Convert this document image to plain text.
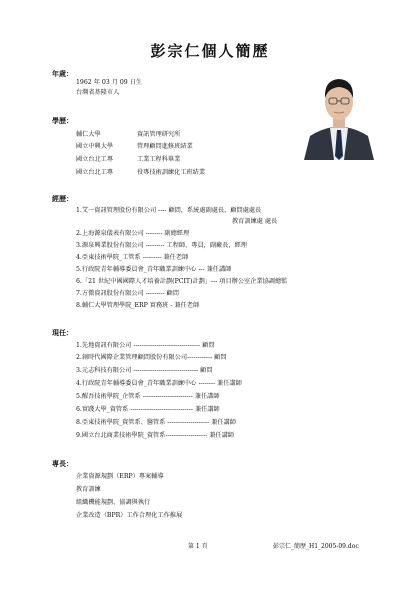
彭宗仁個人簡歷
年歲：
1962 年 03 月 09 日生
台灣省基隆市人
學歷：
輔仁大學	資訊管理研究所
國立中興大學	管理顧問進修班結業
國立台北工專	工業工程科畢業
國立台北工專	役專技術訓練化工班結業
經歷：
1.艾一資訊管理股份有限公司 ---- 顧問，系統處副處長，顧問處處長
教育訓練處 處長
2.上海源泉儀表有限公司 -------- 副總經理
3.源泉興業股份有限公司 --------- 工程師，專員，副廠長，經理
4.亞東技術學院_工管系 --------- 兼任老師
5.行政院青年輔導委員會_青年職業訓練中心 --- 兼任講師
6.「21 世紀中國國際人才培養計劃(PCIT)計劃」--- 項目辦公室企業協調總監
7.方微資訊股份有限公司 --------- 顧問
8.輔仁大學管理學院_ERP 實務班 - 兼任老師
現任：
1.先地資訊有限公司 -------------------------------- 顧問
2.創時代國際企業管理顧問股份有限公司------------ 顧問
3.元志科技有限公司 ------------------------------- 顧問
4.行政院青年輔導委員會_青年職業訓練中心 -------- 兼任講師
5.醒吾技術學院_企管系 ------------------------ 兼任講師
6.實踐大學_資管系 ------------------------------ 兼任講師
8.亞東技術學院_資管系、醫管系 -------------------- 兼任講師
9.國立台北商業技術學院_資管系-------------------- 兼任講師
專長：
企業資源規劃（ERP）專案輔導
教育訓練
組織機能規劃、協調與執行
企業改造（BPR）工作合理化工作推展
第 1 頁	彭宗仁_簡歷_H1_2005-09.doc
